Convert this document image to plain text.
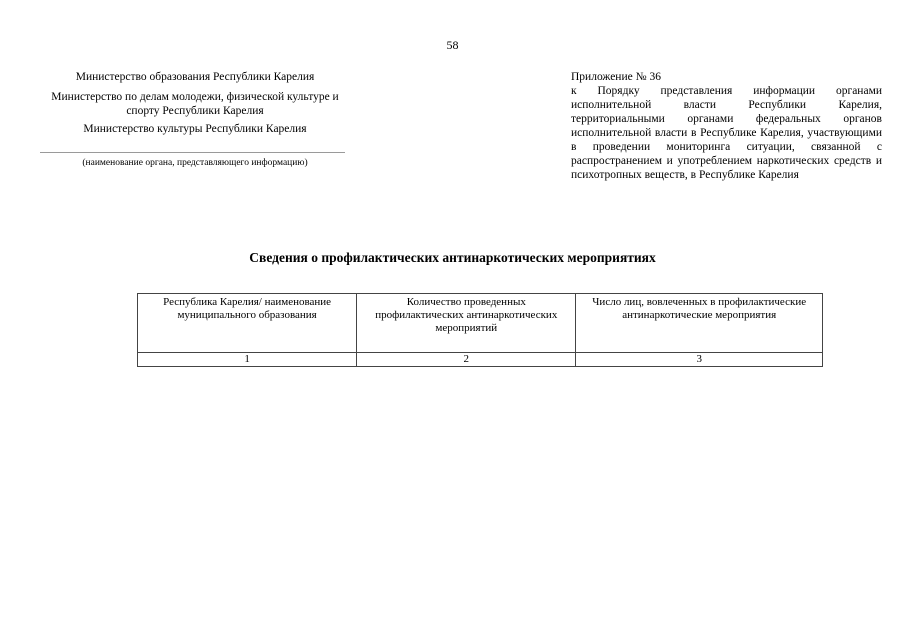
58
Министерство образования Республики Карелия
Министерство по делам молодежи, физической культуре и спорту Республики Карелия
Министерство культуры Республики Карелия
(наименование органа, представляющего информацию)
Приложение № 36
к Порядку представления информации органами исполнительной власти Республики Карелия, территориальными органами федеральных органов исполнительной власти в Республике Карелия, участвующими в проведении мониторинга ситуации, связанной с распространением и употреблением наркотических средств и психотропных веществ, в Республике Карелия
Сведения о профилактических антинаркотических мероприятиях
Республика Карелия/ наименование муниципального образования	Количество проведенных профилактических антинаркотических мероприятий	Число лиц, вовлеченных в профилактические антинаркотические мероприятия
1	2	3
